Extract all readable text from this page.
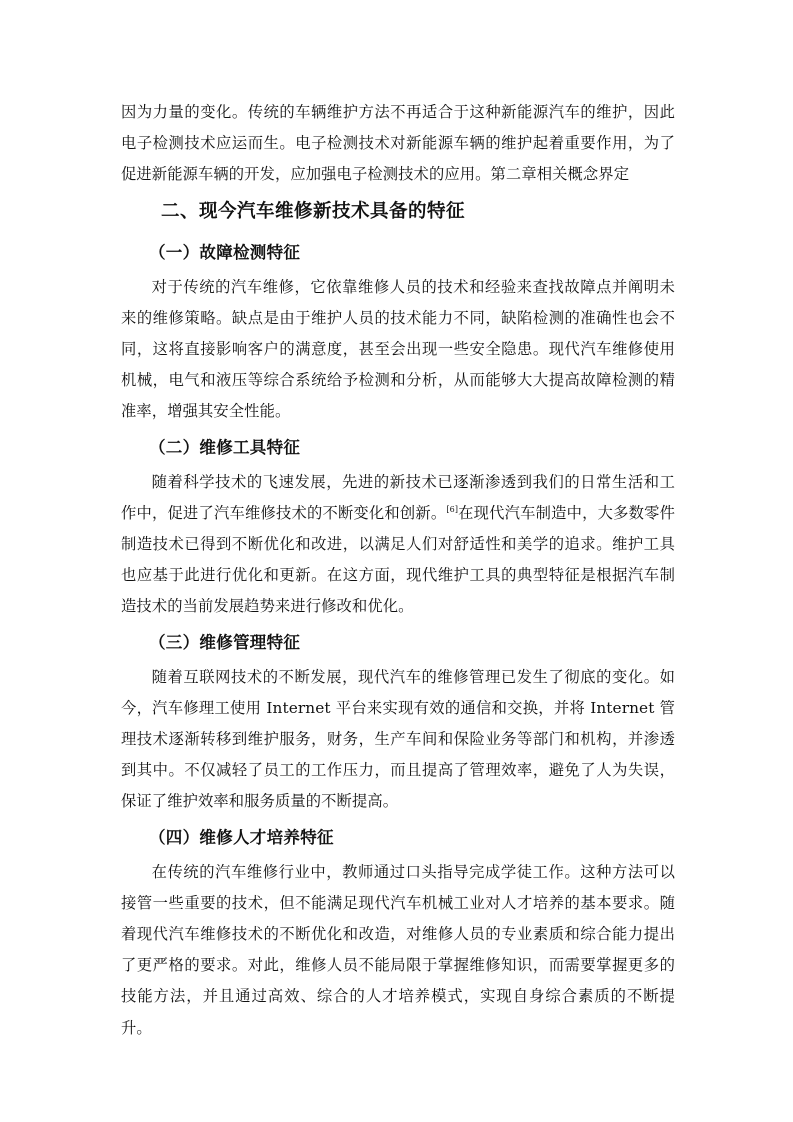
因为力量的变化。传统的车辆维护方法不再适合于这种新能源汽车的维护，因此电子检测技术应运而生。电子检测技术对新能源车辆的维护起着重要作用，为了促进新能源车辆的开发，应加强电子检测技术的应用。第二章相关概念界定

二、现今汽车维修新技术具备的特征
（一）故障检测特征

对于传统的汽车维修，它依靠维修人员的技术和经验来查找故障点并阐明未来的维修策略。缺点是由于维护人员的技术能力不同，缺陷检测的准确性也会不同，这将直接影响客户的满意度，甚至会出现一些安全隐患。现代汽车维修使用机械，电气和液压等综合系统给予检测和分析，从而能够大大提高故障检测的精准率，增强其安全性能。

（二）维修工具特征

随着科学技术的飞速发展，先进的新技术已逐渐渗透到我们的日常生活和工作中，促进了汽车维修技术的不断变化和创新。[6]在现代汽车制造中，大多数零件制造技术已得到不断优化和改进，以满足人们对舒适性和美学的追求。维护工具也应基于此进行优化和更新。在这方面，现代维护工具的典型特征是根据汽车制造技术的当前发展趋势来进行修改和优化。

（三）维修管理特征

随着互联网技术的不断发展，现代汽车的维修管理已发生了彻底的变化。如今，汽车修理工使用 Internet 平台来实现有效的通信和交换，并将 Internet 管理技术逐渐转移到维护服务，财务，生产车间和保险业务等部门和机构，并渗透到其中。不仅减轻了员工的工作压力，而且提高了管理效率，避免了人为失误，保证了维护效率和服务质量的不断提高。

（四）维修人才培养特征

在传统的汽车维修行业中，教师通过口头指导完成学徒工作。这种方法可以接管一些重要的技术，但不能满足现代汽车机械工业对人才培养的基本要求。随着现代汽车维修技术的不断优化和改造，对维修人员的专业素质和综合能力提出了更严格的要求。对此，维修人员不能局限于掌握维修知识，而需要掌握更多的技能方法，并且通过高效、综合的人才培养模式，实现自身综合素质的不断提升。
